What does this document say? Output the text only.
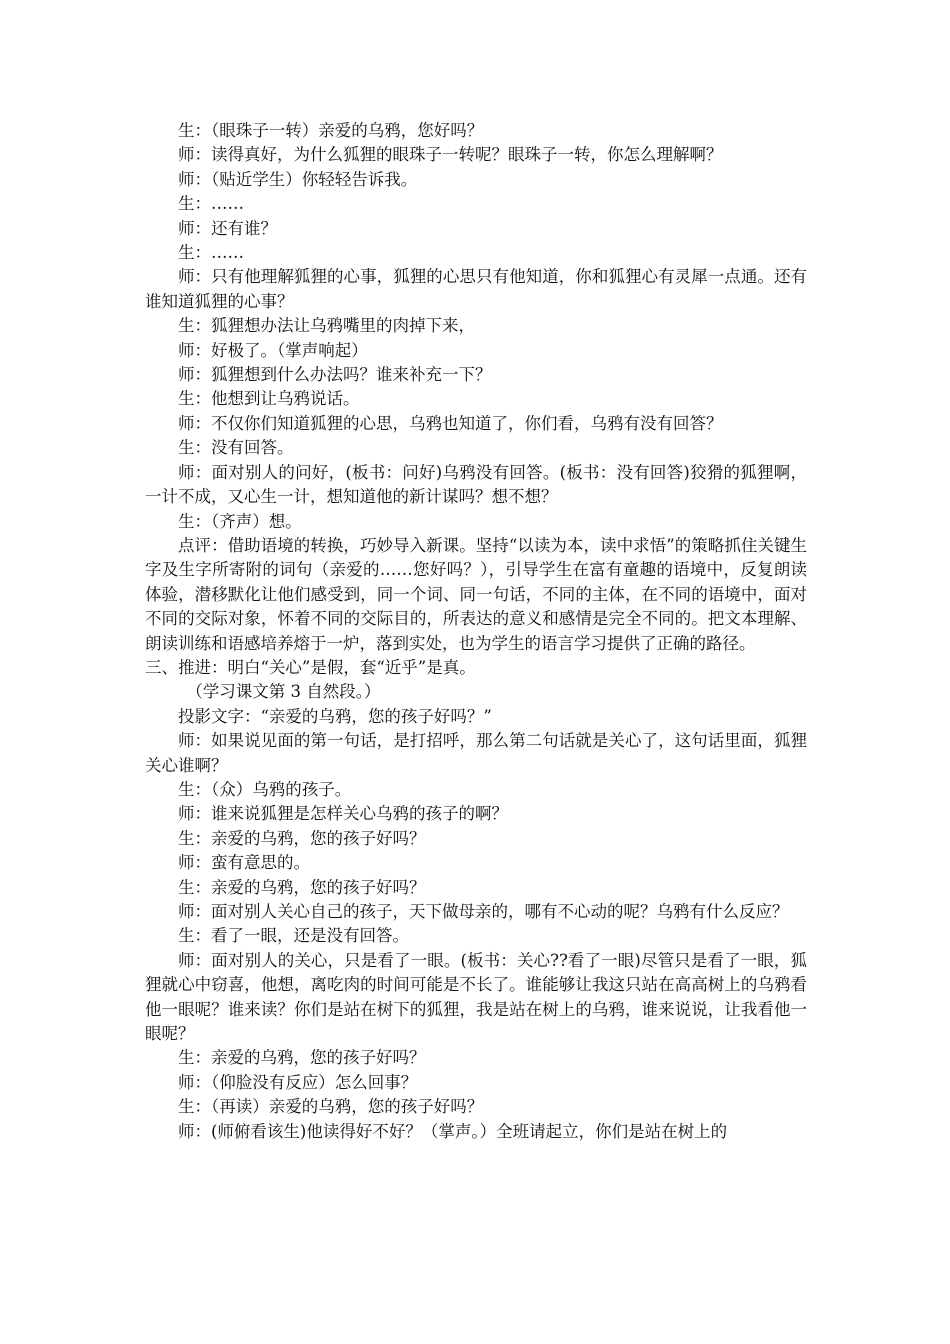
生：（眼珠子一转）亲爱的乌鸦，您好吗？

师：读得真好，为什么狐狸的眼珠子一转呢？眼珠子一转，你怎么理解啊？

师：（贴近学生）你轻轻告诉我。

生：……

师：还有谁？

生：……

师：只有他理解狐狸的心事，狐狸的心思只有他知道，你和狐狸心有灵犀一点通。还有谁知道狐狸的心事？

生：狐狸想办法让乌鸦嘴里的肉掉下来，

师：好极了。（掌声响起）

师：狐狸想到什么办法吗？谁来补充一下？

生：他想到让乌鸦说话。

师：不仅你们知道狐狸的心思，乌鸦也知道了，你们看，乌鸦有没有回答？

生：没有回答。

师：面对别人的问好，(板书：问好)乌鸦没有回答。(板书：没有回答)狡猾的狐狸啊，一计不成，又心生一计，想知道他的新计谋吗？想不想？

生：（齐声）想。

点评：借助语境的转换，巧妙导入新课。坚持“以读为本，读中求悟”的策略抓住关键生字及生字所寄附的词句（亲爱的……您好吗？），引导学生在富有童趣的语境中，反复朗读体验，潜移默化让他们感受到，同一个词、同一句话，不同的主体，在不同的语境中，面对不同的交际对象，怀着不同的交际目的，所表达的意义和感情是完全不同的。把文本理解、朗读训练和语感培养熔于一炉，落到实处，也为学生的语言学习提供了正确的路径。

三、推进：明白“关心”是假，套“近乎”是真。

（学习课文第 3 自然段。）

投影文字：“亲爱的乌鸦，您的孩子好吗？”

师：如果说见面的第一句话，是打招呼，那么第二句话就是关心了，这句话里面，狐狸关心谁啊？

生：（众）乌鸦的孩子。

师：谁来说狐狸是怎样关心乌鸦的孩子的啊？

生：亲爱的乌鸦，您的孩子好吗？

师：蛮有意思的。

生：亲爱的乌鸦，您的孩子好吗？

师：面对别人关心自己的孩子，天下做母亲的，哪有不心动的呢？乌鸦有什么反应？

生：看了一眼，还是没有回答。

师：面对别人的关心，只是看了一眼。(板书：关心??看了一眼)尽管只是看了一眼，狐狸就心中窃喜，他想，离吃肉的时间可能是不长了。谁能够让我这只站在高高树上的乌鸦看他一眼呢？谁来读？你们是站在树下的狐狸，我是站在树上的乌鸦，谁来说说，让我看他一眼呢？

生：亲爱的乌鸦，您的孩子好吗？

师：（仰脸没有反应）怎么回事？

生：（再读）亲爱的乌鸦，您的孩子好吗？

师：(师俯看该生)他读得好不好？（掌声。）全班请起立，你们是站在树上的
